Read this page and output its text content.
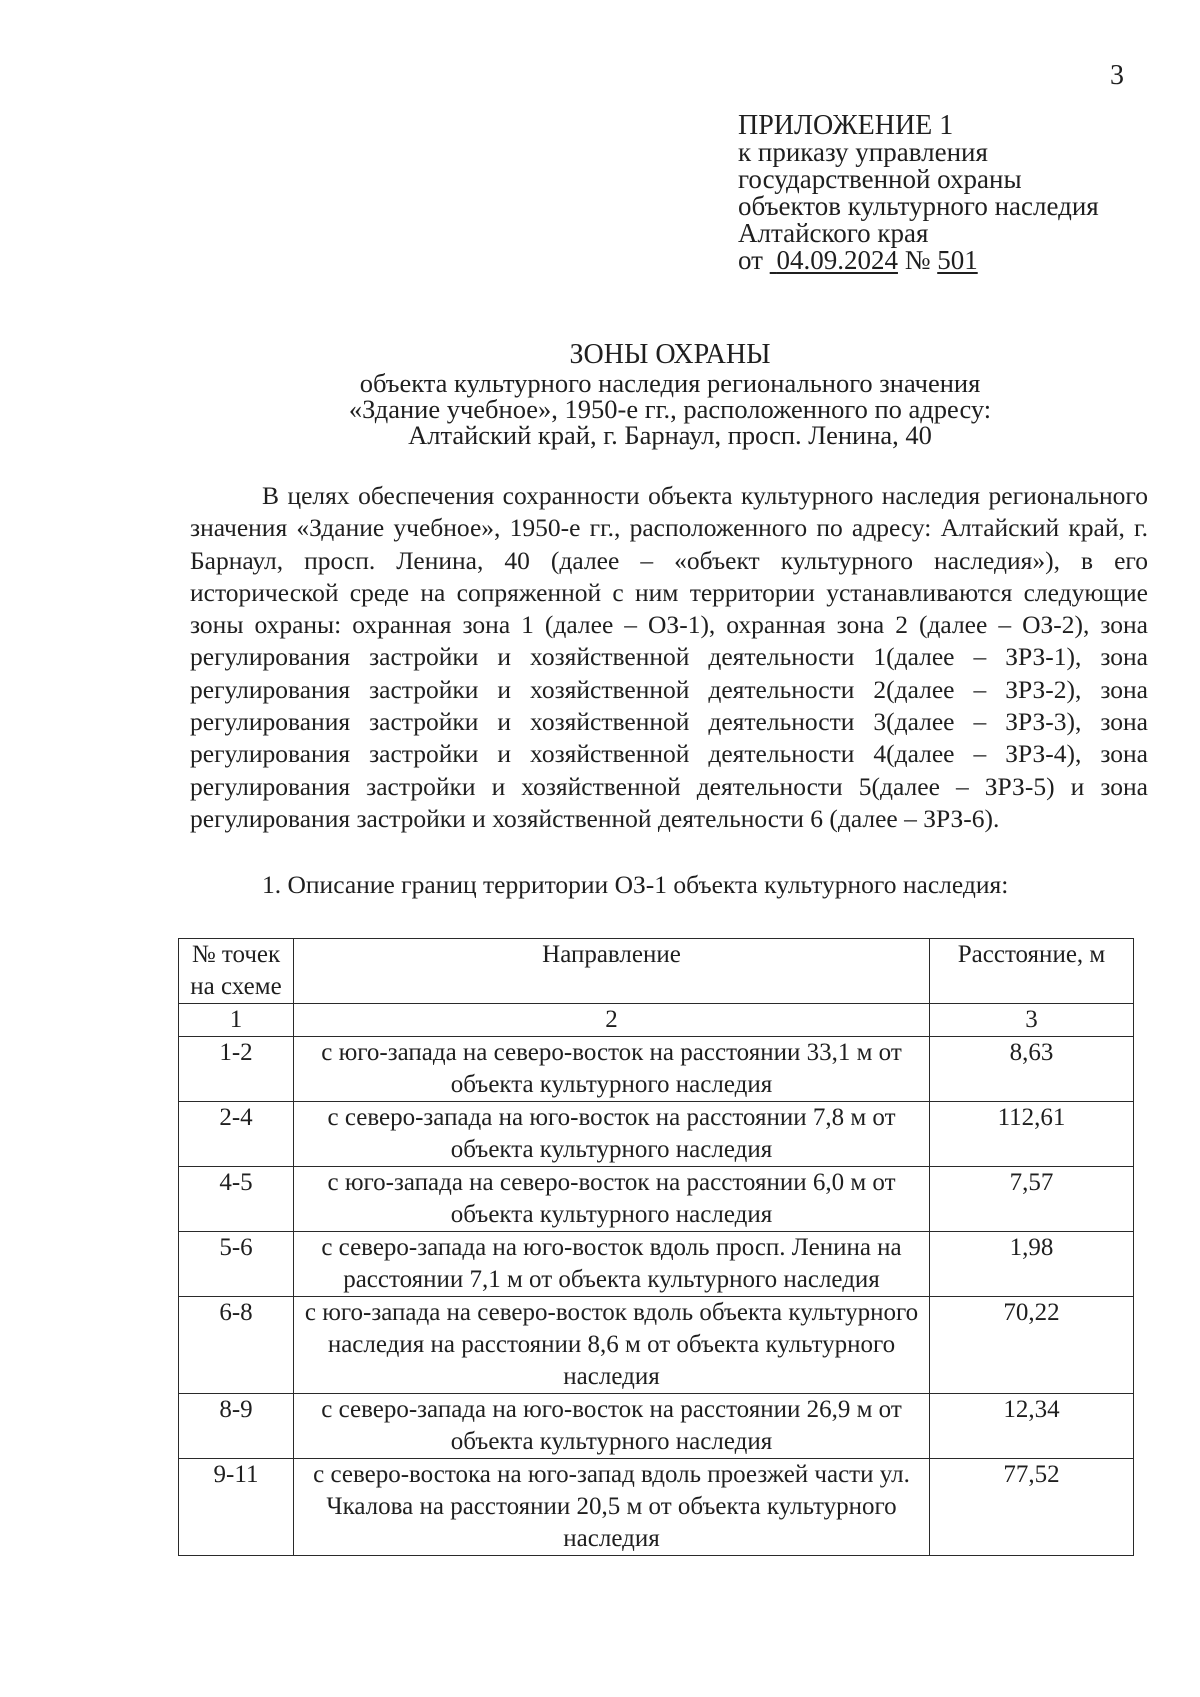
3
ПРИЛОЖЕНИЕ 1
к приказу управления
государственной охраны
объектов культурного наследия
Алтайского края
от 04.09.2024 № 501
ЗОНЫ ОХРАНЫ
объекта культурного наследия регионального значения
«Здание учебное», 1950-е гг., расположенного по адресу:
Алтайский край, г. Барнаул, просп. Ленина, 40

В целях обеспечения сохранности объекта культурного наследия регионального значения «Здание учебное», 1950-е гг., расположенного по адресу: Алтайский край, г. Барнаул, просп. Ленина, 40 (далее – «объект культурного наследия»), в его исторической среде на сопряженной с ним территории устанавливаются следующие зоны охраны: охранная зона 1 (далее – ОЗ-1), охранная зона 2 (далее – ОЗ-2), зона регулирования застройки и хозяйственной деятельности 1(далее – ЗРЗ-1), зона регулирования застройки и хозяйственной деятельности 2(далее – ЗРЗ-2), зона регулирования застройки и хозяйственной деятельности 3(далее – ЗРЗ-3), зона регулирования застройки и хозяйственной деятельности 4(далее – ЗРЗ-4), зона регулирования застройки и хозяйственной деятельности 5(далее – ЗРЗ-5) и зона регулирования застройки и хозяйственной деятельности 6 (далее – ЗРЗ-6).

1. Описание границ территории ОЗ-1 объекта культурного наследия:
№ точек на схеме	Направление	Расстояние, м
1	2	3
1-2	с юго-запада на северо-восток на расстоянии 33,1 м от объекта культурного наследия	8,63
2-4	с северо-запада на юго-восток на расстоянии 7,8 м от объекта культурного наследия	112,61
4-5	с юго-запада на северо-восток на расстоянии 6,0 м от объекта культурного наследия	7,57
5-6	с северо-запада на юго-восток вдоль просп. Ленина на расстоянии 7,1 м от объекта культурного наследия	1,98
6-8	с юго-запада на северо-восток вдоль объекта культурного наследия на расстоянии 8,6 м от объекта культурного наследия	70,22
8-9	с северо-запада на юго-восток на расстоянии 26,9 м от объекта культурного наследия	12,34
9-11	с северо-востока на юго-запад вдоль проезжей части ул. Чкалова на расстоянии 20,5 м от объекта культурного наследия	77,52
